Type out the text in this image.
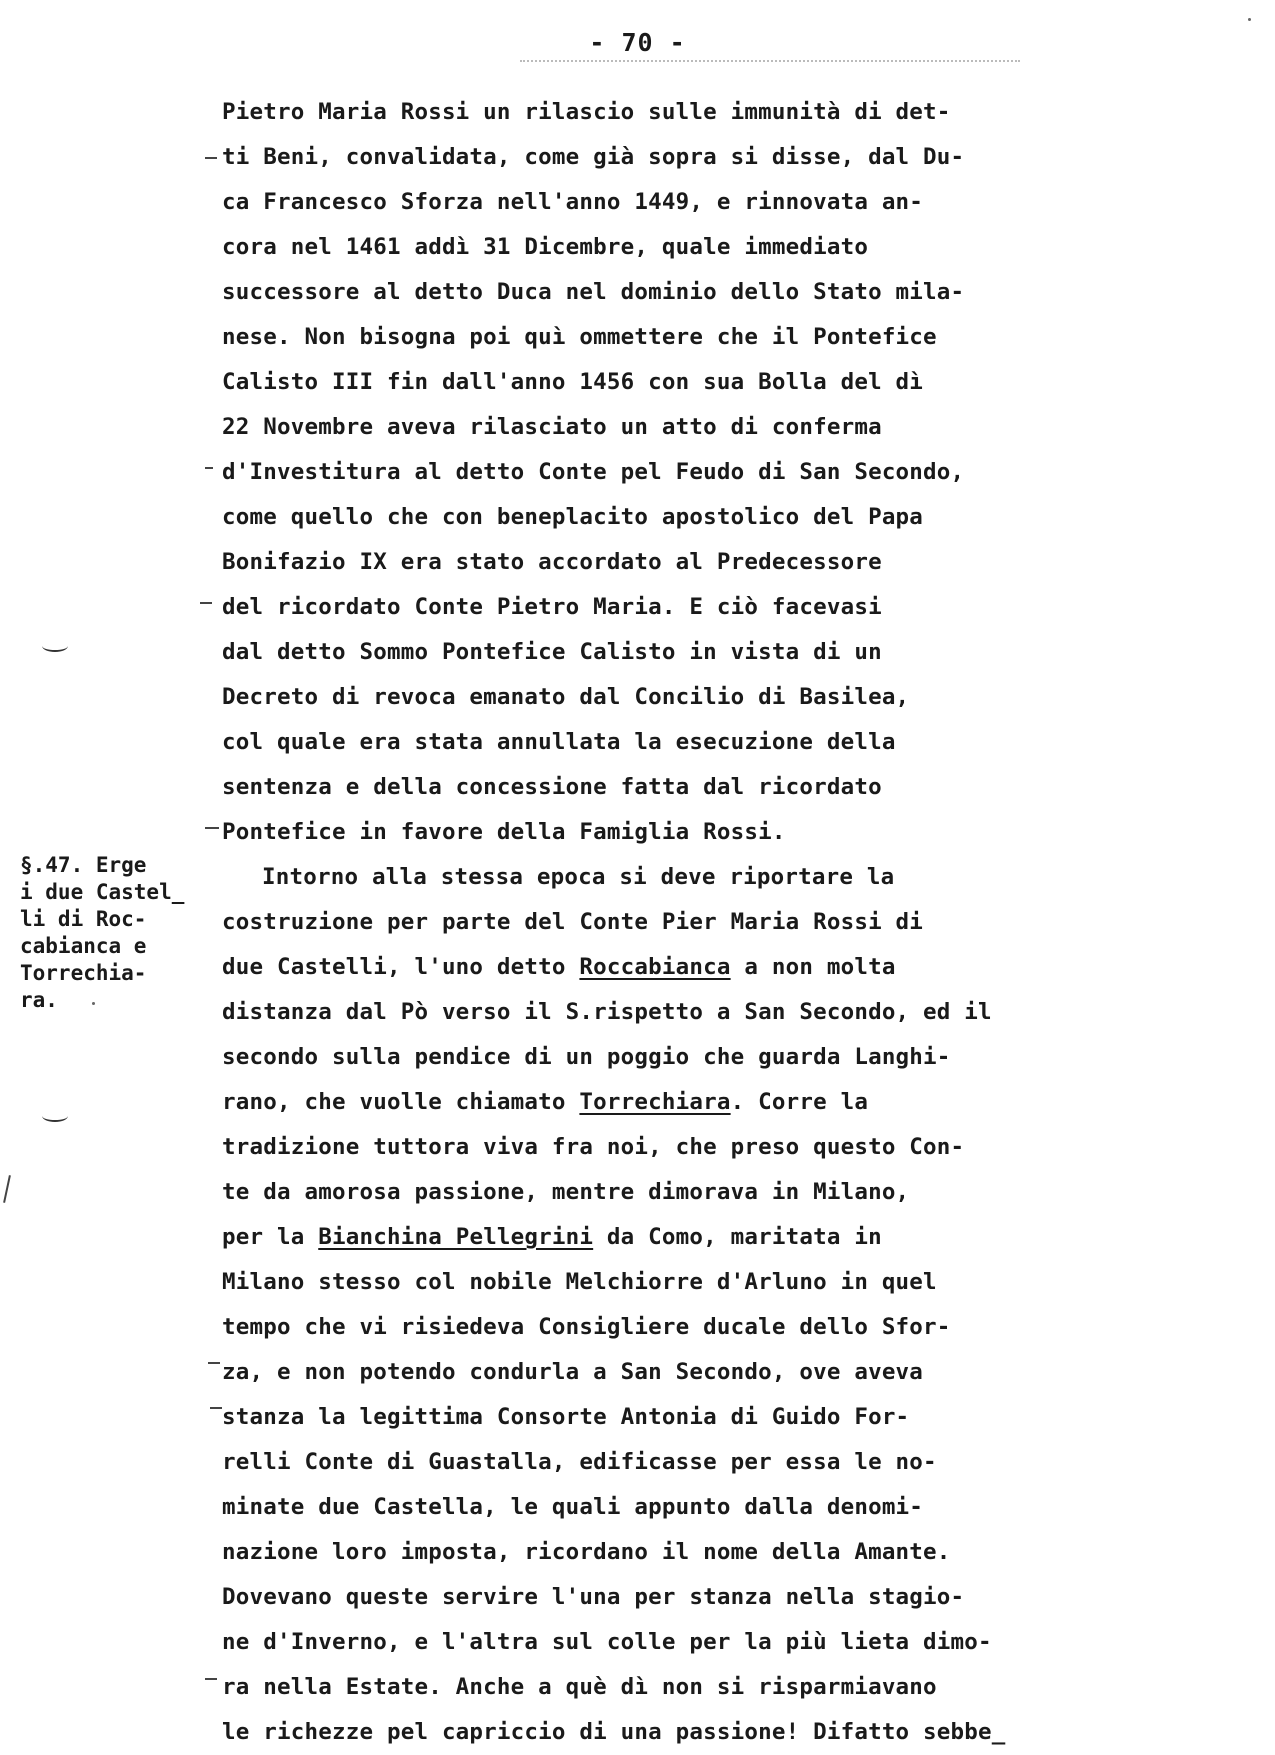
- 70 -
Pietro Maria Rossi un rilascio sulle immunità di det-
ti Beni, convalidata, come già sopra si disse, dal Du-
ca Francesco Sforza nell'anno 1449, e rinnovata an-
cora nel 1461 addì 31 Dicembre, quale immediato
successore al detto Duca nel dominio dello Stato mila-
nese. Non bisogna poi quì ommettere che il Pontefice
Calisto III fin dall'anno 1456 con sua Bolla del dì
22 Novembre aveva rilasciato un atto di conferma
d'Investitura al detto Conte pel Feudo di San Secondo,
come quello che con beneplacito apostolico del Papa
Bonifazio IX era stato accordato al Predecessore
del ricordato Conte Pietro Maria. E ciò facevasi
dal detto Sommo Pontefice Calisto in vista di un
Decreto di revoca emanato dal Concilio di Basilea,
col quale era stata annullata la esecuzione della
sentenza e della concessione fatta dal ricordato
Pontefice in favore della Famiglia Rossi.
Intorno alla stessa epoca si deve riportare la
costruzione per parte del Conte Pier Maria Rossi di
due Castelli, l'uno detto Roccabianca a non molta
distanza dal Pò verso il S.rispetto a San Secondo, ed il
secondo sulla pendice di un poggio che guarda Langhi-
rano, che vuolle chiamato Torrechiara. Corre la
tradizione tuttora viva fra noi, che preso questo Con-
te da amorosa passione, mentre dimorava in Milano,
per la Bianchina Pellegrini da Como, maritata in
Milano stesso col nobile Melchiorre d'Arluno in quel
tempo che vi risiedeva Consigliere ducale dello Sfor-
za, e non potendo condurla a San Secondo, ove aveva
stanza la legittima Consorte Antonia di Guido For-
relli Conte di Guastalla, edificasse per essa le no-
minate due Castella, le quali appunto dalla denomi-
nazione loro imposta, ricordano il nome della Amante.
Dovevano queste servire l'una per stanza nella stagio-
ne d'Inverno, e l'altra sul colle per la più lieta dimo-
ra nella Estate. Anche a què dì non si risparmiavano
le richezze pel capriccio di una passione! Difatto sebbe_
§.47. Erge
i due Castel_
li di Roc-
cabianca e
Torrechia-
ra.
